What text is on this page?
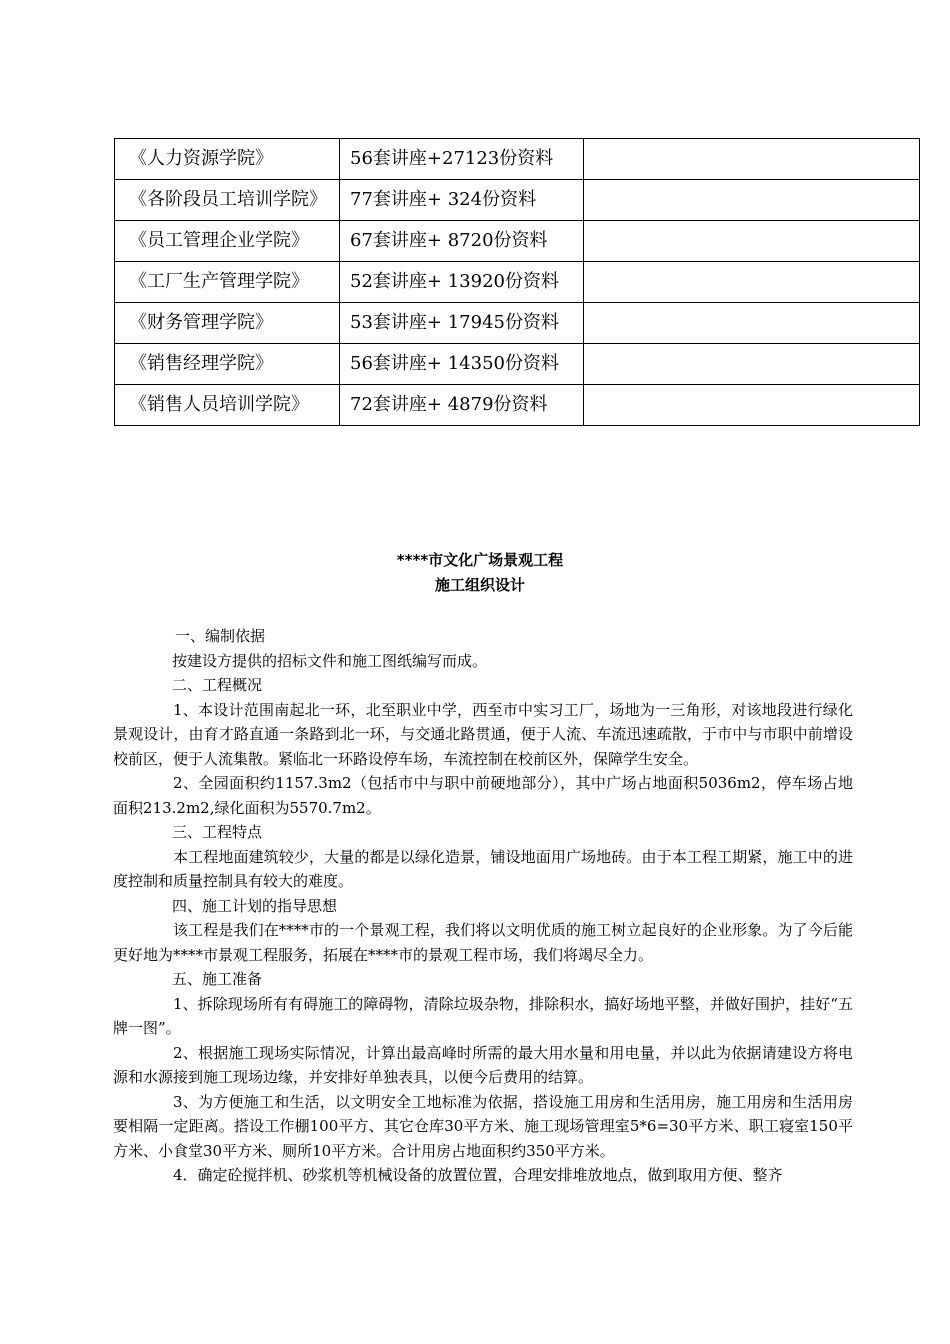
《人力资源学院》	56套讲座+27123份资料	
《各阶段员工培训学院》	77套讲座+ 324份资料	
《员工管理企业学院》	67套讲座+ 8720份资料	
《工厂生产管理学院》	52套讲座+ 13920份资料	
《财务管理学院》	53套讲座+ 17945份资料	
《销售经理学院》	56套讲座+ 14350份资料	
《销售人员培训学院》	72套讲座+ 4879份资料	
****市文化广场景观工程
施工组织设计

一、编制依据

按建设方提供的招标文件和施工图纸编写而成。

二、工程概况

1、本设计范围南起北一环，北至职业中学，西至市中实习工厂，场地为一三角形，对该地段进行绿化景观设计，由育才路直通一条路到北一环，与交通北路贯通，便于人流、车流迅速疏散，于市中与市职中前增设校前区，便于人流集散。紧临北一环路设停车场，车流控制在校前区外，保障学生安全。

2、全园面积约1157.3m2（包括市中与职中前硬地部分），其中广场占地面积5036m2，停车场占地面积213.2m2,绿化面积为5570.7m2。

三、工程特点

本工程地面建筑较少，大量的都是以绿化造景，铺设地面用广场地砖。由于本工程工期紧，施工中的进度控制和质量控制具有较大的难度。

四、施工计划的指导思想

该工程是我们在****市的一个景观工程，我们将以文明优质的施工树立起良好的企业形象。为了今后能更好地为****市景观工程服务，拓展在****市的景观工程市场，我们将竭尽全力。

五、施工准备

1、拆除现场所有有碍施工的障碍物，清除垃圾杂物，排除积水，搞好场地平整，并做好围护，挂好“五牌一图”。

2、根据施工现场实际情况，计算出最高峰时所需的最大用水量和用电量，并以此为依据请建设方将电源和水源接到施工现场边缘，并安排好单独表具，以便今后费用的结算。

3、为方便施工和生活，以文明安全工地标准为依据，搭设施工用房和生活用房，施工用房和生活用房要相隔一定距离。搭设工作棚100平方、其它仓库30平方米、施工现场管理室5*6=30平方米、职工寝室150平方米、小食堂30平方米、厕所10平方米。合计用房占地面积约350平方米。

4．确定砼搅拌机、砂浆机等机械设备的放置位置，合理安排堆放地点，做到取用方便、整齐
